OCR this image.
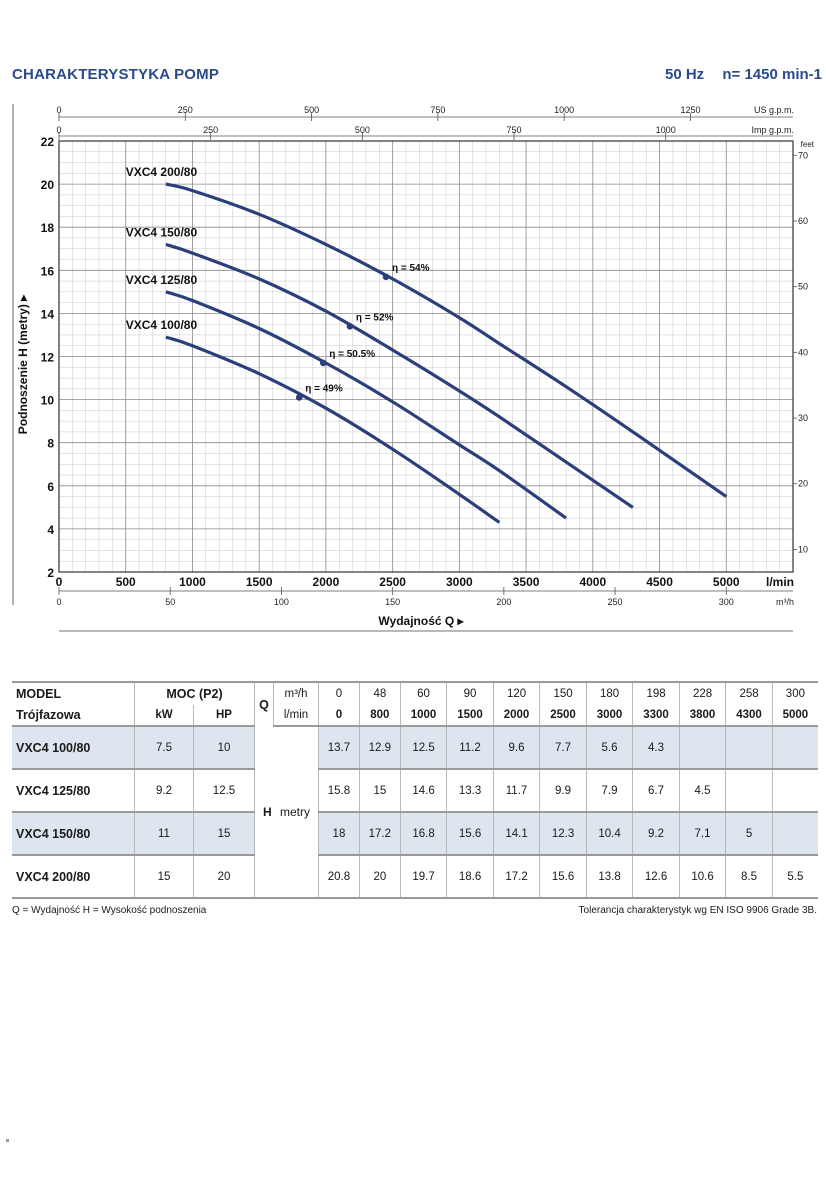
CHARAKTERYSTYKA POMP	50 Hz n= 1450 min-1
0	500	1000	1500	2000	2500	3000	3500	4000	4500	5000 l/min
2
4
6
8
10
12
14
16
18
20
22
0	250	500	750	1000	1250	US g.p.m.
0	250	500	750	1000	Imp g.p.m.
0	50	100	150	200	250	300	m³/h
10
20
30
40
50
60
70
feet
Podnoszenie H (metry) ▸
Wydajność Q ▸
VXC4 100/80
η = 49%
VXC4 125/80
η = 50.5%
VXC4 150/80
η = 52%
VXC4 200/80
η = 54%
MODEL	MOC (P2)		Q	m³/h	0	48	60	90	120	150	180	198	228	258	300
Trójfazowa	kW	HP		l/min	0	800	1000	1500	2000	2500	3000	3300	3800	4300	5000
VXC4 100/80	7.5	10	H metry		13.7	12.9	12.5	11.2	9.6	7.7	5.6	4.3			
VXC4 125/80	9.2	12.5			15.8	15	14.6	13.3	11.7	9.9	7.9	6.7	4.5		
VXC4 150/80	11	15			18	17.2	16.8	15.6	14.1	12.3	10.4	9.2	7.1	5	
VXC4 200/80	15	20			20.8	20	19.7	18.6	17.2	15.6	13.8	12.6	10.6	8.5	5.5
Q = Wydajność H = Wysokość podnoszenia	Tolerancja charakterystyk wg EN ISO 9906 Grade 3B.
